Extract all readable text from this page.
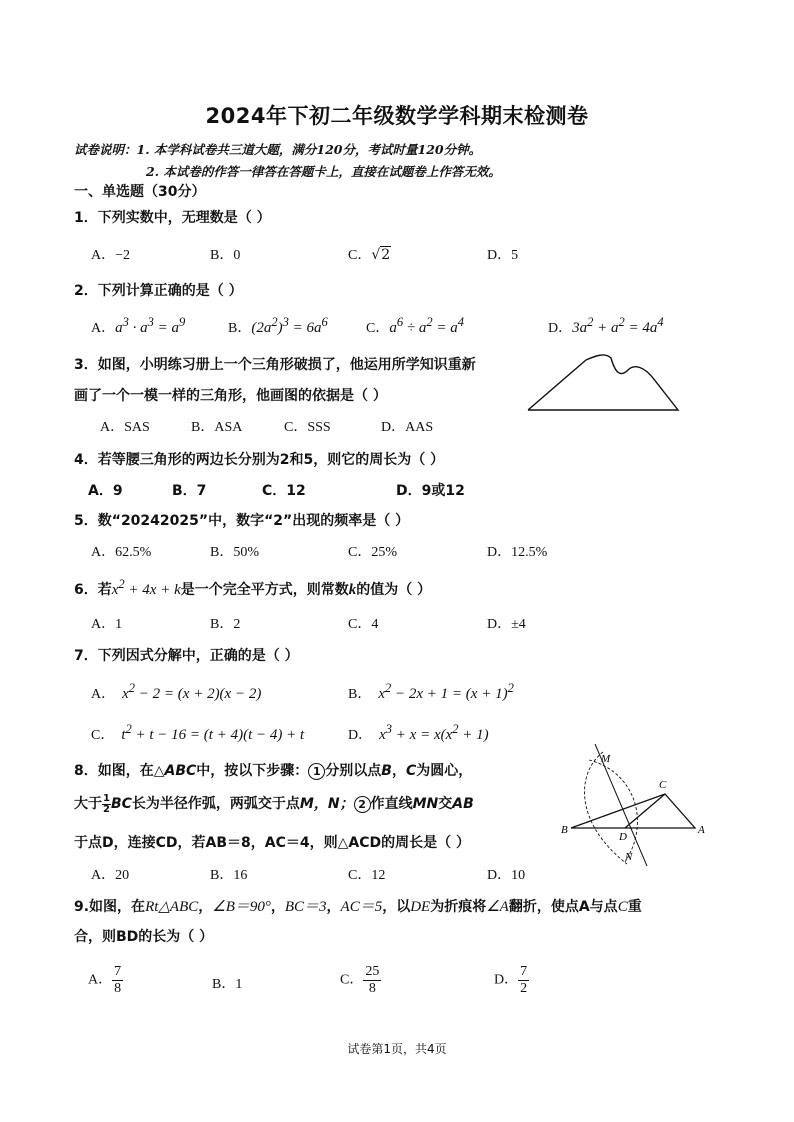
2024年下初二年级数学学科期末检测卷
试卷说明：1. 本学科试卷共三道大题，满分120分，考试时量120分钟。
2. 本试卷的作答一律答在答题卡上，直接在试题卷上作答无效。
一、单选题（30分）
1．下列实数中，无理数是（ ）
A．−2	B．0	C．√2	D．5
2．下列计算正确的是（ ）
A．$a^3 \cdot a^3 = a^9$	B．$(2a^2)^3 = 6a^6$	C．$a^6 \div a^2 = a^4$	D．$3a^2 + a^2 = 4a^4$
3．如图，小明练习册上一个三角形破损了，他运用所学知识重新
画了一个一模一样的三角形，他画图的依据是（ ）
A．SAS	B．ASA	C．SSS	D．AAS
4．若等腰三角形的两边长分别为2和5，则它的周长为（ ）
A．9	B．7	C．12	D．9或12
5．数“20242025”中，数字“2”出现的频率是（ ）
A．62.5%	B．50%	C．25%	D．12.5%
6．若$x^2 + 4x + k$是一个完全平方式，则常数k的值为（ ）
A．1	B．2	C．4	D．±4
7．下列因式分解中，正确的是（ ）
A．  $x^2 - 2 = (x + 2)(x - 2)$	B．  $x^2 - 2x + 1 = (x + 1)^2$
C．  $t^2 + t - 16 = (t + 4)(t - 4) + t$	D．  $x^3 + x = x(x^2 + 1)$
8．如图，在△ABC中，按以下步骤： 1 分别以点B，C为圆心，
大于 $\frac{1}{2}$ BC长为半径作弧，两弧交于点M，N； 2 作直线MN交AB
于点D，连接CD，若AB＝8，AC＝4，则△ACD的周长是（ ）
A．20	B．16	C．12	D．10
M
C
B
D
A
N
9.如图，在Rt△ABC，∠B＝90°，BC＝3，AC＝5，以DE为折痕将∠A翻折，使点A与点C重
合，则BD的长为（ ）
A． $\frac{7}{8}$	B．1	C． $\frac{25}{8}$	D． $\frac{7}{2}$
试卷第1页，共4页
